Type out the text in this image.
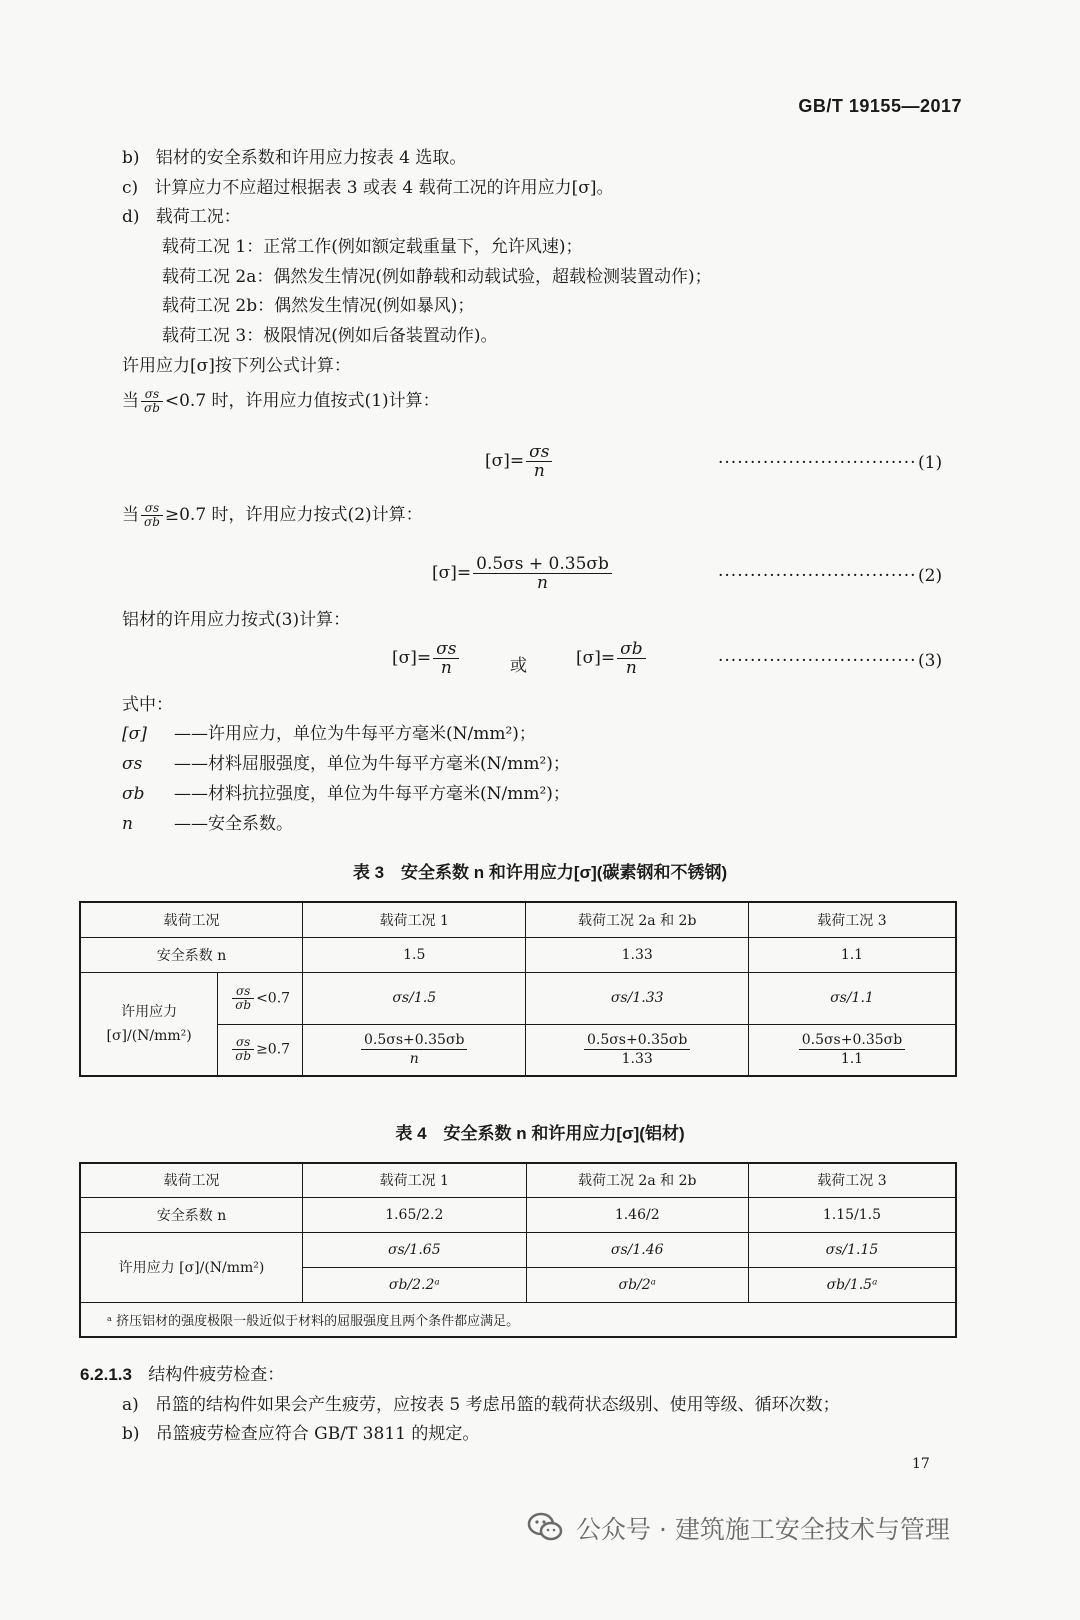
GB/T 19155—2017
b) 铝材的安全系数和许用应力按表 4 选取。
c) 计算应力不应超过根据表 3 或表 4 载荷工况的许用应力[σ]。
d) 载荷工况：
载荷工况 1：正常工作(例如额定载重量下，允许风速)；
载荷工况 2a：偶然发生情况(例如静载和动载试验，超载检测装置动作)；
载荷工况 2b：偶然发生情况(例如暴风)；
载荷工况 3：极限情况(例如后备装置动作)。
许用应力[σ]按下列公式计算：
当 $\frac{\sigma s}{\sigma b} <0.7$ 时，许用应力值按式(1)计算：
$[\sigma]= \frac{\sigma s}{n}$	······························· (1)
当 $\frac{\sigma s}{\sigma b} \ge 0.7$ 时，许用应力按式(2)计算：
$[\sigma]= \frac{0.5\sigma s + 0.35\sigma b}{n}$	······························· (2)
铝材的许用应力按式(3)计算：
$[\sigma]= \frac{\sigma s}{n}$	或	$[\sigma]= \frac{\sigma b}{n}$	······························· (3)
式中：
[σ] ——许用应力，单位为牛每平方毫米(N/mm²)；
σs ——材料屈服强度，单位为牛每平方毫米(N/mm²)；
σb ——材料抗拉强度，单位为牛每平方毫米(N/mm²)；
n ——安全系数。
表 3　安全系数 n 和许用应力[σ](碳素钢和不锈钢)
载荷工况		载荷工况 1	载荷工况 2a 和 2b	载荷工况 3
安全系数 n		1.5	1.33	1.1
许用应力 [σ]/(N/mm²)	$\frac{\sigma s}{\sigma b} <0.7$	σs/1.5	σs/1.33	σs/1.1

	$\frac{\sigma s}{\sigma b} \ge 0.7$	$\frac{0.5\sigma s+0.35\sigma b}{n}$	$\frac{0.5\sigma s+0.35\sigma b}{1.33}$	$\frac{0.5\sigma s+0.35\sigma b}{1.1}$
表 4　安全系数 n 和许用应力[σ](铝材)
载荷工况	载荷工况 1	载荷工况 2a 和 2b	载荷工况 3
安全系数 n	1.65/2.2	1.46/2	1.15/1.5
许用应力 [σ]/(N/mm²)	σs/1.65	σs/1.46	σs/1.15
	σb/2.2ᵃ	σb/2ᵃ	σb/1.5ᵃ
ᵃ 挤压铝材的强度极限一般近似于材料的屈服强度且两个条件都应满足。			
6.2.1.3 结构件疲劳检查：
a) 吊篮的结构件如果会产生疲劳，应按表 5 考虑吊篮的载荷状态级别、使用等级、循环次数；
b) 吊篮疲劳检查应符合 GB/T 3811 的规定。
17
公众号 · 建筑施工安全技术与管理
